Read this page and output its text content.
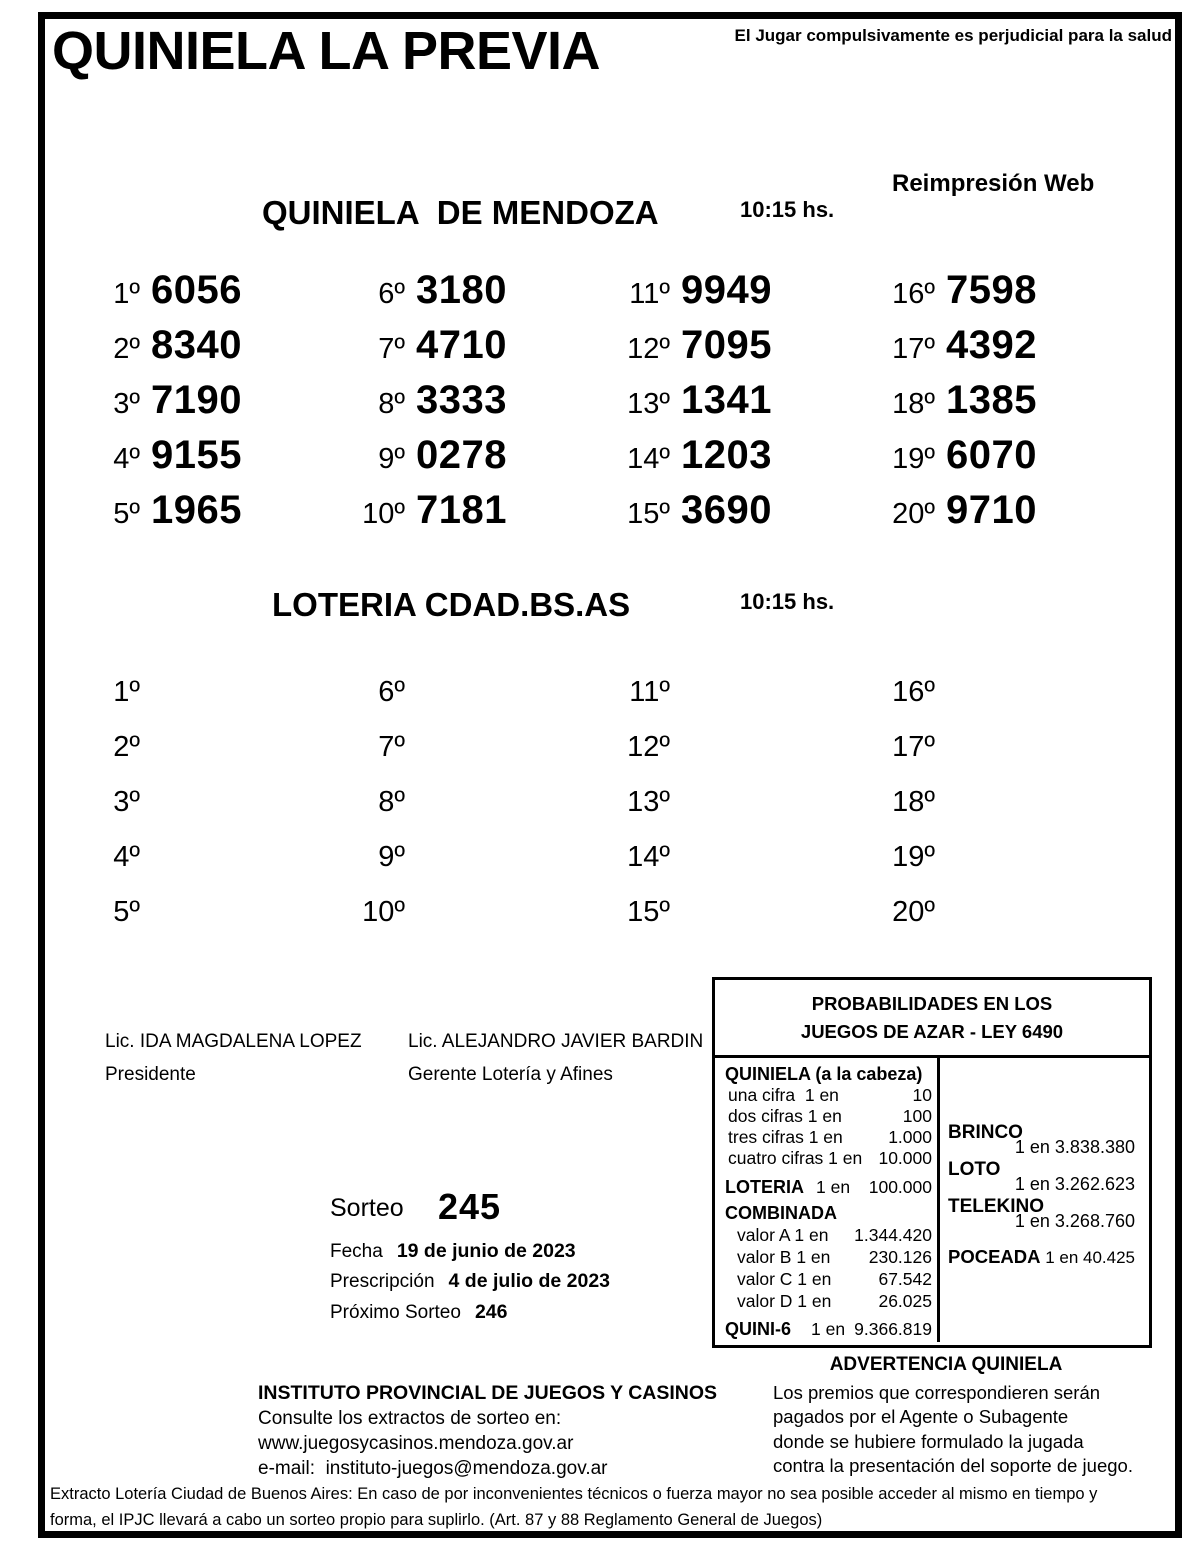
QUINIELA LA PREVIA	El Jugar compulsivamente es perjudicial para la salud
QUINIELA  DE MENDOZA	10:15 hs.
Reimpresión Web
1º 6056
2º 8340
3º 7190
4º 9155
5º 1965
6º 3180
7º 4710
8º 3333
9º 0278
10º 7181
11º 9949
12º 7095
13º 1341
14º 1203
15º 3690
16º 7598
17º 4392
18º 1385
19º 6070
20º 9710
LOTERIA CDAD.BS.AS	10:15 hs.
1º
2º
3º
4º
5º
6º
7º
8º
9º
10º
11º
12º
13º
14º
15º
16º
17º
18º
19º
20º
Lic. IDA MAGDALENA LOPEZ
Presidente
Lic. ALEJANDRO JAVIER BARDIN
Gerente Lotería y Afines
PROBABILIDADES EN LOS
JUEGOS DE AZAR - LEY 6490
QUINIELA (a la cabeza)
una cifra  1 en	10
dos cifras 1 en	100
tres cifras 1 en	1.000
cuatro cifras 1 en 10.000
LOTERIA 1 en 100.000
COMBINADA
valor A 1 en 1.344.420
valor B 1 en 230.126
valor C 1 en	67.542
valor D 1 en	26.025
QUINI-6 1 en 9.366.819
BRINCO
1 en 3.838.380
LOTO
1 en 3.262.623
TELEKINO
1 en 3.268.760
POCEADA 1 en 40.425
Sorteo 245
Fecha 19 de junio de 2023
Prescripción 4 de julio de 2023
Próximo Sorteo 246
INSTITUTO PROVINCIAL DE JUEGOS Y CASINOS
Consulte los extractos de sorteo en:
www.juegosycasinos.mendoza.gov.ar
e-mail:  instituto-juegos@mendoza.gov.ar
ADVERTENCIA QUINIELA
Los premios que correspondieren serán
pagados por el Agente o Subagente
donde se hubiere formulado la jugada
contra la presentación del soporte de juego.
Extracto Lotería Ciudad de Buenos Aires: En caso de por inconvenientes técnicos o fuerza mayor no sea posible acceder al mismo en tiempo y
forma, el IPJC llevará a cabo un sorteo propio para suplirlo. (Art. 87 y 88 Reglamento General de Juegos)
